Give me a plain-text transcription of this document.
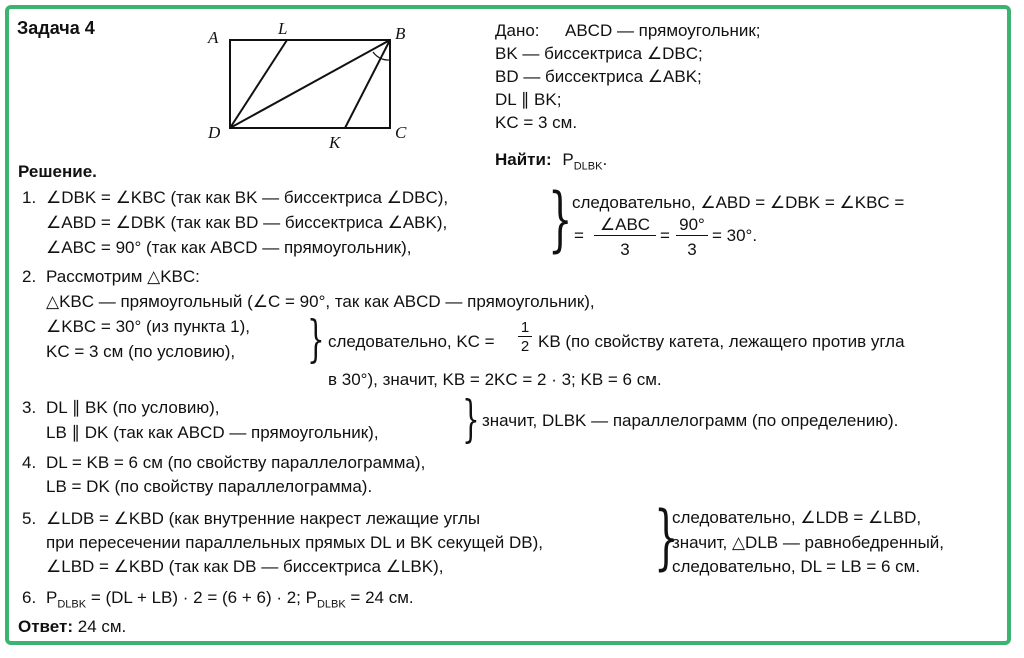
Задача 4	A	L	B
D
K
C
Дано: ABCD — прямоугольник;
BK — биссектриса ∠DBC;
BD — биссектриса ∠ABK;
DL ∥ BK;
KC = 3 см.
Найти: $P_{DLBK}$.
Решение.
1. ∠DBK = ∠KBC (так как BK — биссектриса ∠DBC),
∠ABD = ∠DBK (так как BD — биссектриса ∠ABK),
∠ABC = 90° (так как ABCD — прямоугольник), } следовательно, ∠ABD = ∠DBK = ∠KBC =
=
∠ABC
3
=
90°
3
= 30°.
2. Рассмотрим △KBC:
△KBC — прямоугольный (∠C = 90°, так как ABCD — прямоугольник),
∠KBC = 30° (из пункта 1),
KC = 3 см (по условию), } следовательно, KC =
1
2 KB (по свойству катета, лежащего против угла
в 30°), значит, KB = 2KC = 2 · 3; KB = 6 см.
3. DL ∥ BK (по условию),
LB ∥ DK (так как ABCD — прямоугольник), } значит, DLBK — параллелограмм (по определению).
4. DL = KB = 6 см (по свойству параллелограмма),
LB = DK (по свойству параллелограмма).
5. ∠LDB = ∠KBD (как внутренние накрест лежащие углы
при пересечении параллельных прямых DL и BK секущей DB),
∠LBD = ∠KBD (так как DB — биссектриса ∠LBK),	}
следовательно, ∠LDB = ∠LBD,
значит, △DLB — равнобедренный,
следовательно, DL = LB = 6 см.
6. $P_{DLBK} = (DL + LB) \cdot 2 = (6 + 6) \cdot 2$; $P_{DLBK} = 24$ см.
Ответ: 24 см.
